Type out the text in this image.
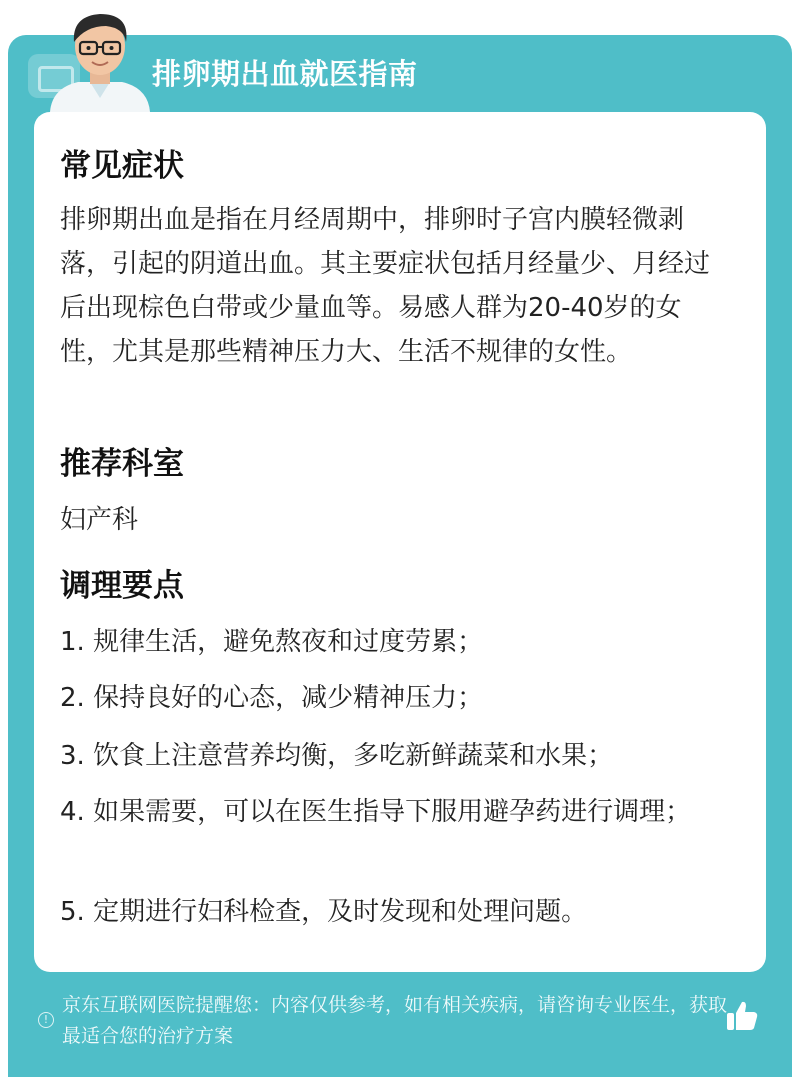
排卵期出血就医指南
常见症状
排卵期出血是指在月经周期中，排卵时子宫内膜轻微剥落，引起的阴道出血。其主要症状包括月经量少、月经过后出现棕色白带或少量血等。易感人群为20-40岁的女性，尤其是那些精神压力大、生活不规律的女性。
推荐科室
妇产科
调理要点
1. 规律生活，避免熬夜和过度劳累；
2. 保持良好的心态，减少精神压力；
3. 饮食上注意营养均衡，多吃新鲜蔬菜和水果；
4. 如果需要，可以在医生指导下服用避孕药进行调理；
5. 定期进行妇科检查，及时发现和处理问题。
!
京东互联网医院提醒您：内容仅供参考，如有相关疾病，请咨询专业医生，获取最适合您的治疗方案
